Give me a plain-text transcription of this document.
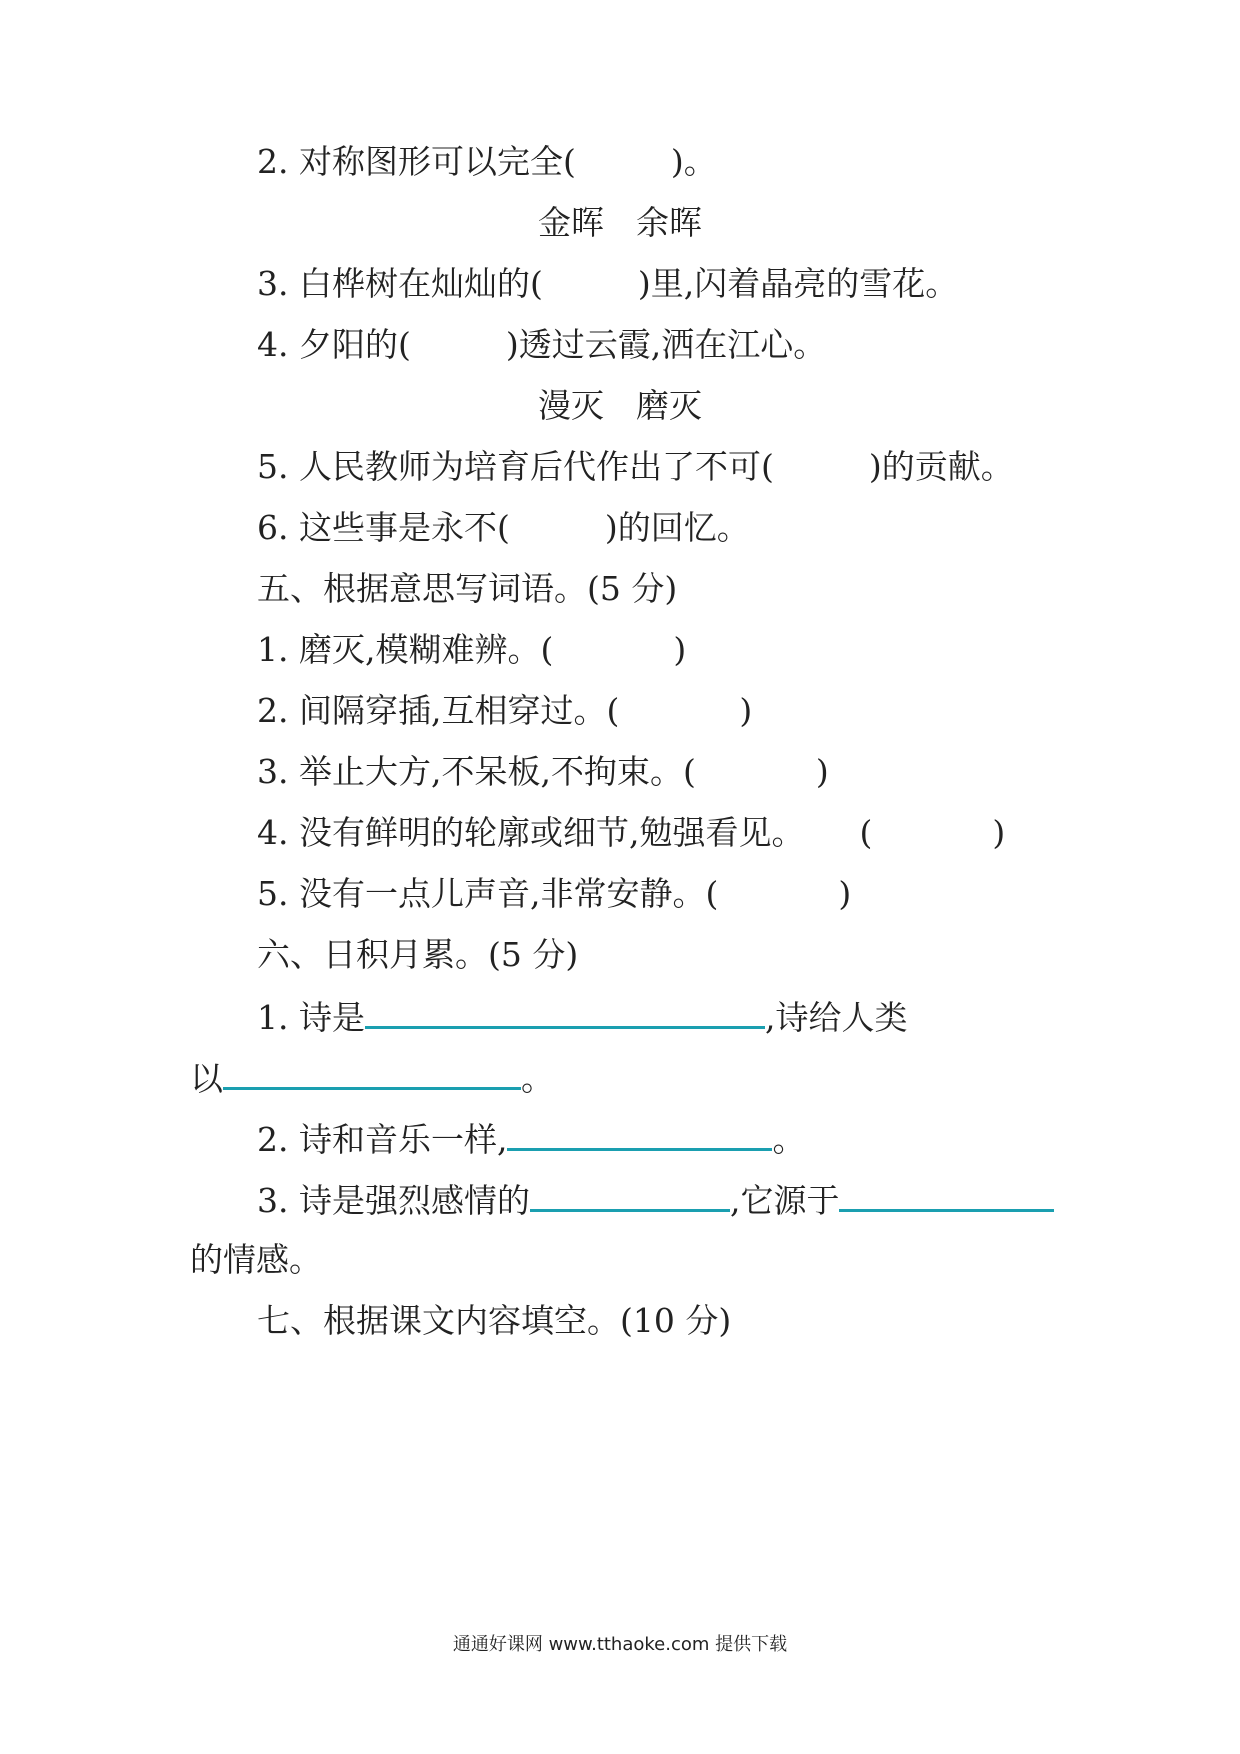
2. 对称图形可以完全(	)。
金晖 余晖
3. 白桦树在灿灿的(	)里,闪着晶亮的雪花。
4. 夕阳的(	)透过云霞,洒在江心。
漫灭 磨灭
5. 人民教师为培育后代作出了不可(	)的贡献。
6. 这些事是永不(	)的回忆。
五、根据意思写词语。(5 分)
1. 磨灭,模糊难辨。(	)
2. 间隔穿插,互相穿过。(	)
3. 举止大方,不呆板,不拘束。(	)
4. 没有鲜明的轮廓或细节,勉强看见。 (	)
5. 没有一点儿声音,非常安静。(	)
六、日积月累。(5 分)
1. 诗是	,诗给人类
以	。
2. 诗和音乐一样,	。
3. 诗是强烈感情的	,它源于
的情感。
七、根据课文内容填空。(10 分)
通通好课网 www.tthaoke.com 提供下载
